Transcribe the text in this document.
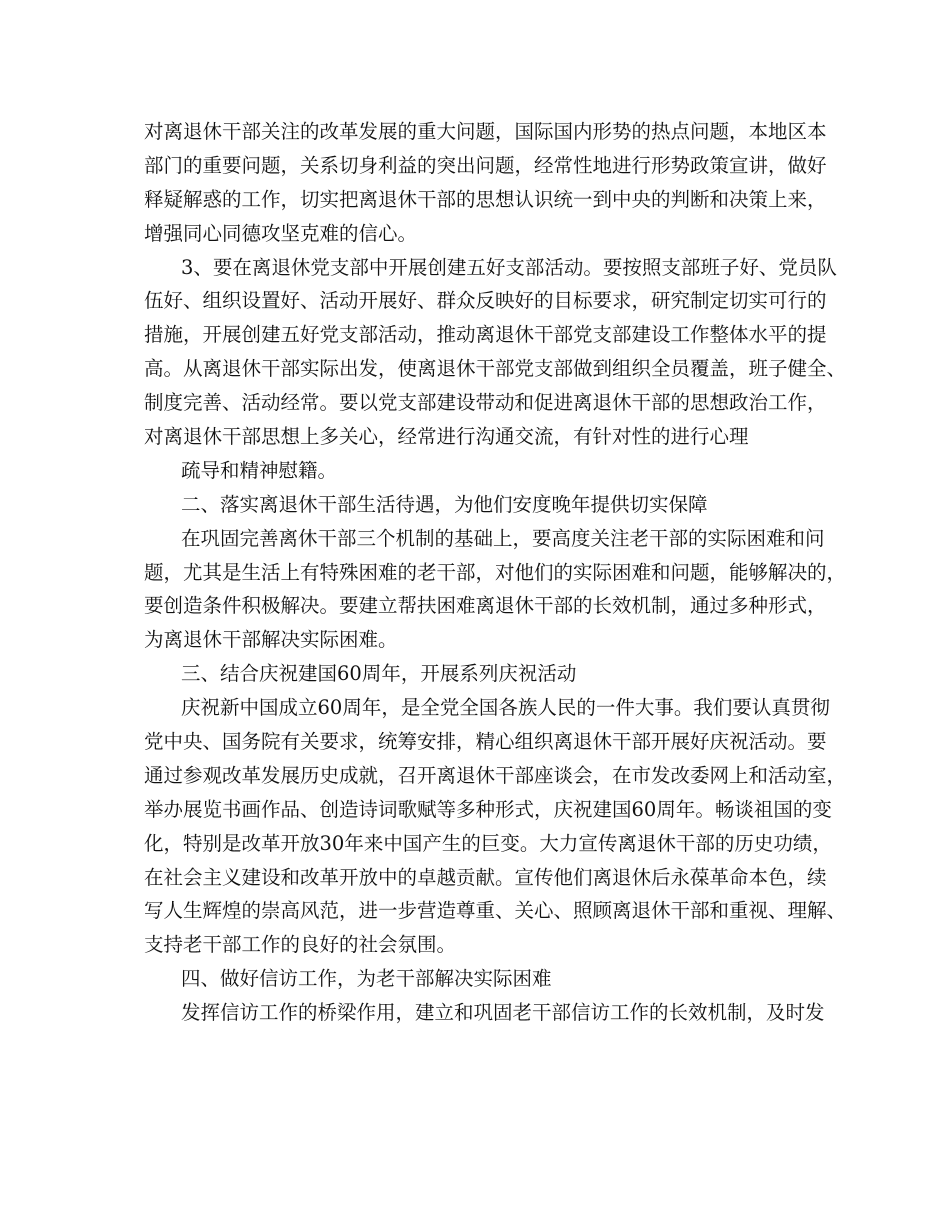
对离退休干部关注的改革发展的重大问题，国际国内形势的热点问题，本地区本
部门的重要问题，关系切身利益的突出问题，经常性地进行形势政策宣讲，做好
释疑解惑的工作，切实把离退休干部的思想认识统一到中央的判断和决策上来，
增强同心同德攻坚克难的信心。
3、要在离退休党支部中开展创建五好支部活动。要按照支部班子好、党员队
伍好、组织设置好、活动开展好、群众反映好的目标要求，研究制定切实可行的
措施，开展创建五好党支部活动，推动离退休干部党支部建设工作整体水平的提
高。从离退休干部实际出发，使离退休干部党支部做到组织全员覆盖，班子健全、
制度完善、活动经常。要以党支部建设带动和促进离退休干部的思想政治工作，
对离退休干部思想上多关心，经常进行沟通交流，有针对性的进行心理
疏导和精神慰籍。
二、落实离退休干部生活待遇，为他们安度晚年提供切实保障
在巩固完善离休干部三个机制的基础上，要高度关注老干部的实际困难和问
题，尤其是生活上有特殊困难的老干部，对他们的实际困难和问题，能够解决的，
要创造条件积极解决。要建立帮扶困难离退休干部的长效机制，通过多种形式，
为离退休干部解决实际困难。
三、结合庆祝建国60周年，开展系列庆祝活动
庆祝新中国成立60周年，是全党全国各族人民的一件大事。我们要认真贯彻
党中央、国务院有关要求，统筹安排，精心组织离退休干部开展好庆祝活动。要
通过参观改革发展历史成就，召开离退休干部座谈会，在市发改委网上和活动室，
举办展览书画作品、创造诗词歌赋等多种形式，庆祝建国60周年。畅谈祖国的变
化，特别是改革开放30年来中国产生的巨变。大力宣传离退休干部的历史功绩，
在社会主义建设和改革开放中的卓越贡献。宣传他们离退休后永葆革命本色，续
写人生辉煌的崇高风范，进一步营造尊重、关心、照顾离退休干部和重视、理解、
支持老干部工作的良好的社会氛围。
四、做好信访工作，为老干部解决实际困难
发挥信访工作的桥梁作用，建立和巩固老干部信访工作的长效机制，及时发
